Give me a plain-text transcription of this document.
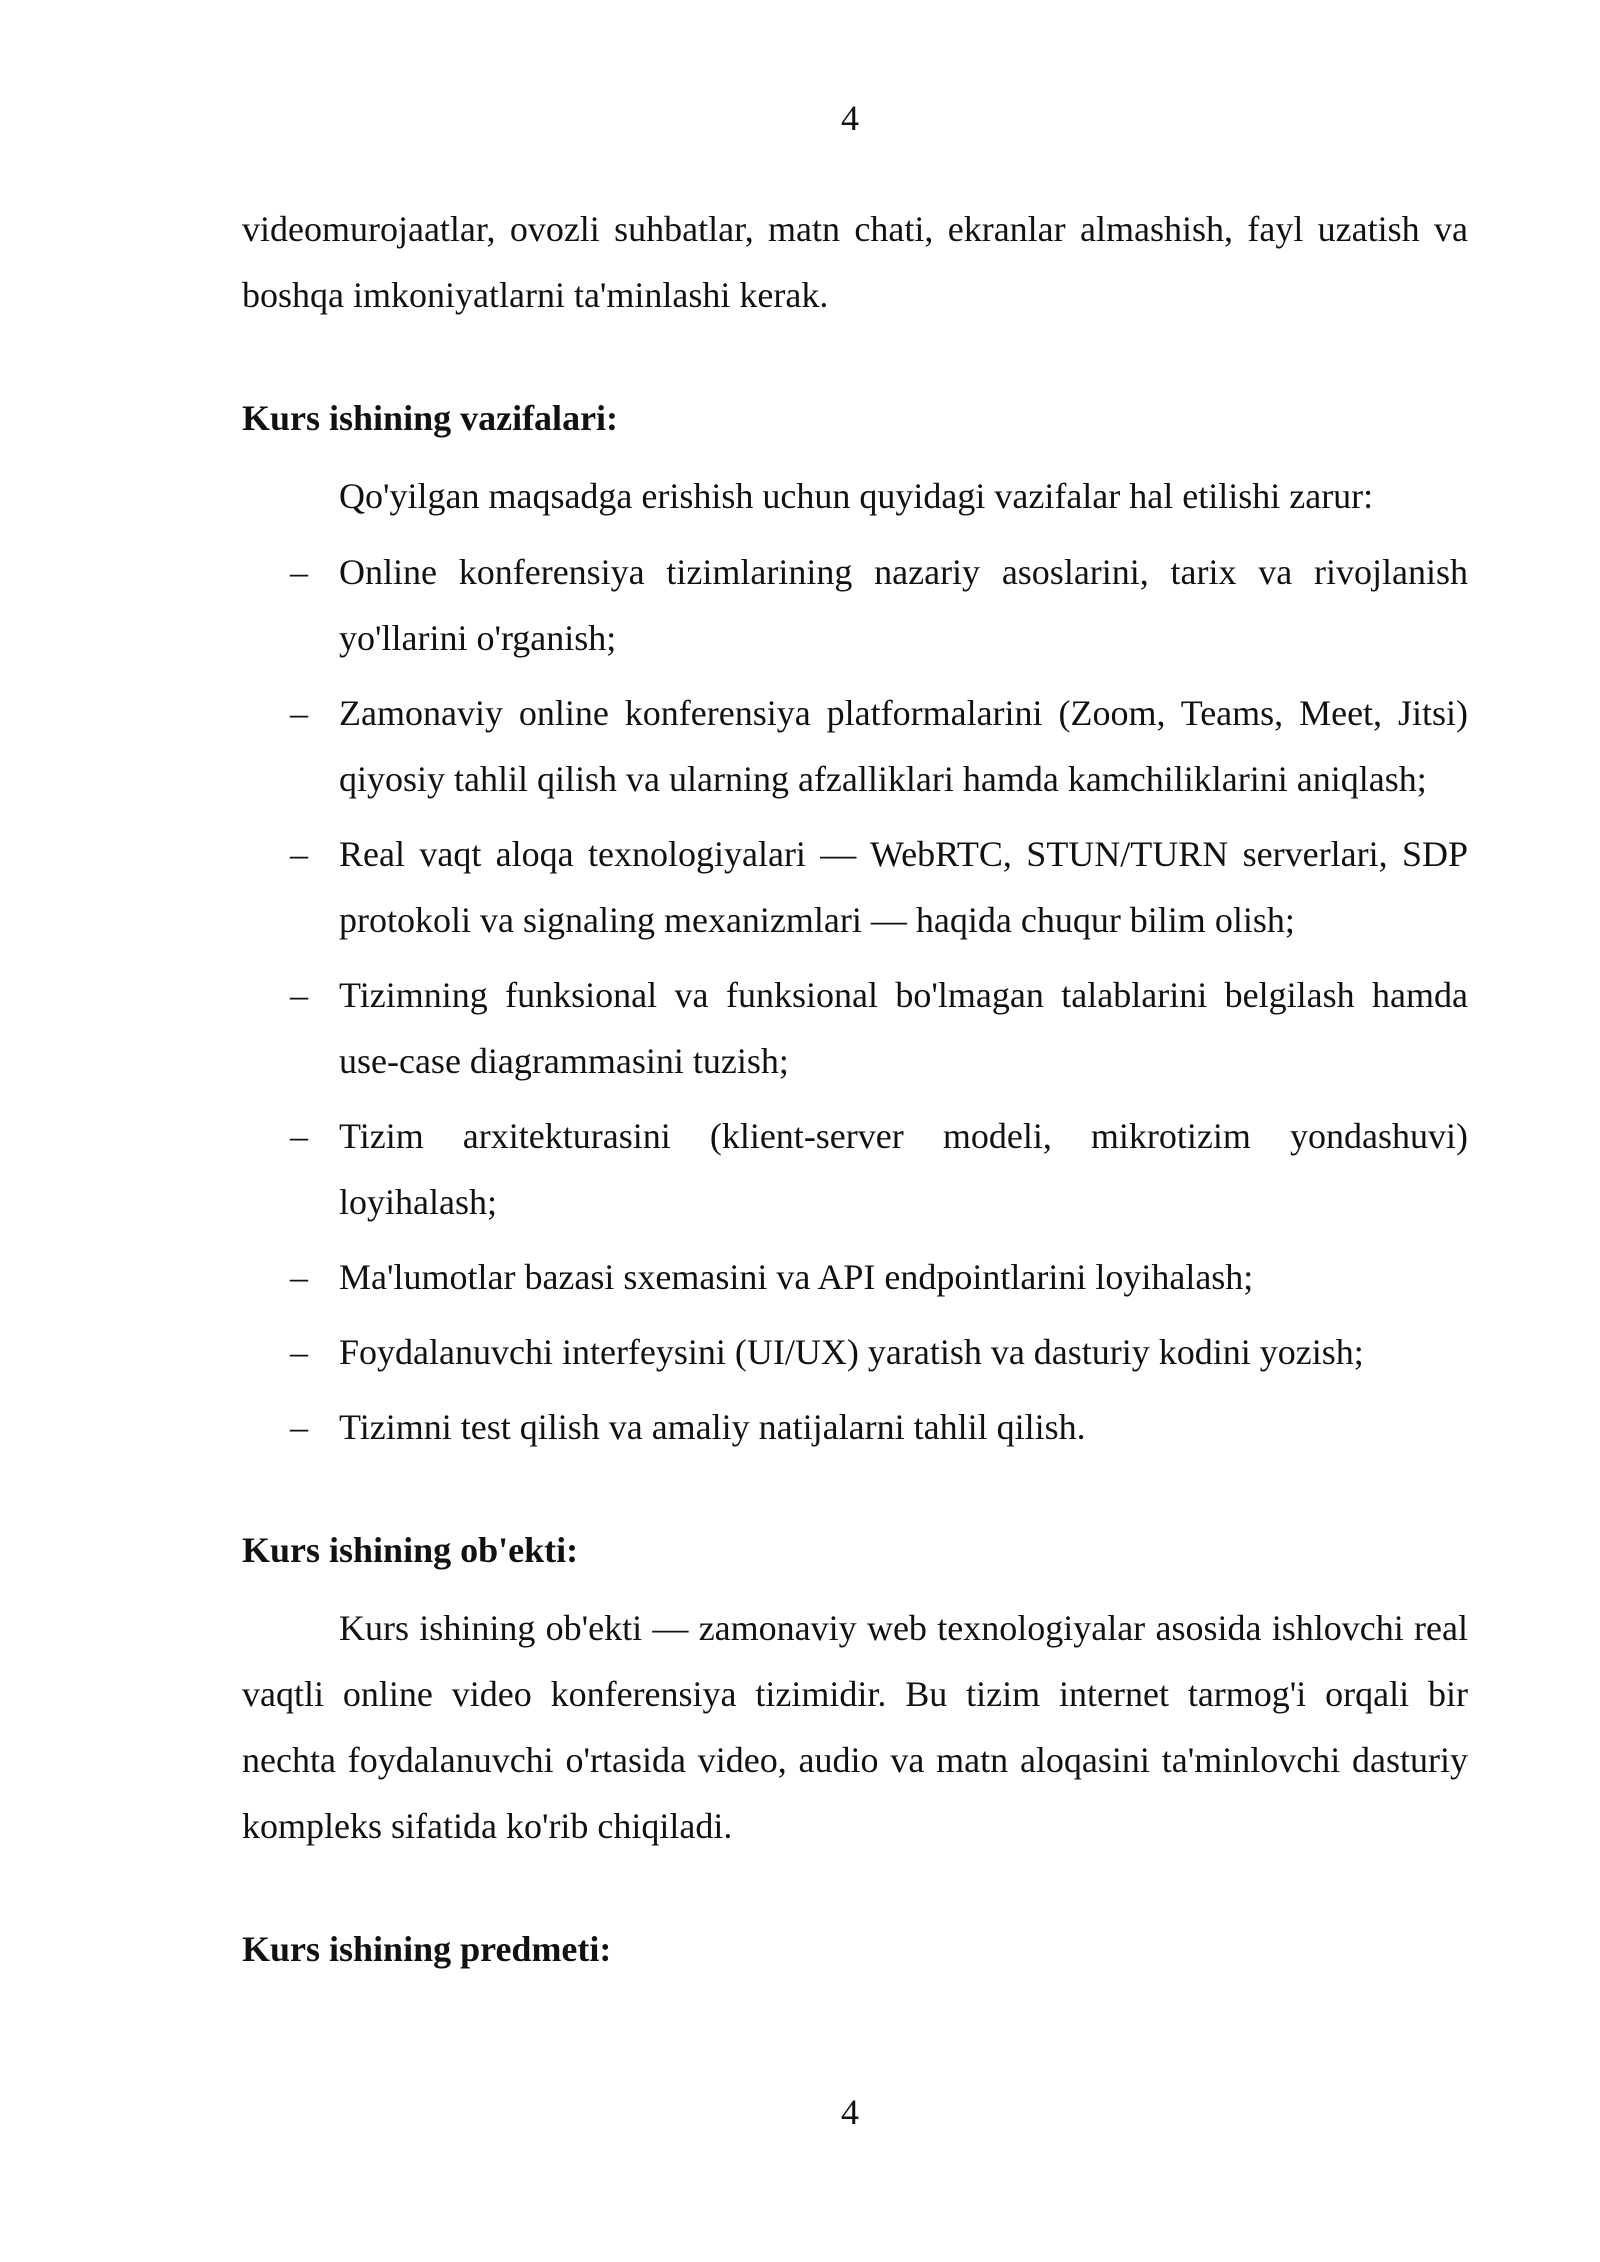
4

videomurojaatlar, ovozli suhbatlar, matn chati, ekranlar almashish, fayl uzatish va boshqa imkoniyatlarni ta'minlashi kerak.

Kurs ishining vazifalari:

Qo'yilgan maqsadga erishish uchun quyidagi vazifalar hal etilishi zarur:

– Online konferensiya tizimlarining nazariy asoslarini, tarix va rivojlanish yo'llarini o'rganish;
– Zamonaviy online konferensiya platformalarini (Zoom, Teams, Meet, Jitsi) qiyosiy tahlil qilish va ularning afzalliklari hamda kamchiliklarini aniqlash;
– Real vaqt aloqa texnologiyalari — WebRTC, STUN/TURN serverlari, SDP protokoli va signaling mexanizmlari — haqida chuqur bilim olish;
– Tizimning funksional va funksional bo'lmagan talablarini belgilash hamda use-case diagrammasini tuzish;
– Tizim arxitekturasini (klient-server modeli, mikrotizim yondashuvi) loyihalash;
– Ma'lumotlar bazasi sxemasini va API endpointlarini loyihalash;
– Foydalanuvchi interfeysini (UI/UX) yaratish va dasturiy kodini yozish;
– Tizimni test qilish va amaliy natijalarni tahlil qilish.

Kurs ishining ob'ekti:

Kurs ishining ob'ekti — zamonaviy web texnologiyalar asosida ishlovchi real vaqtli online video konferensiya tizimidir. Bu tizim internet tarmog'i orqali bir nechta foydalanuvchi o'rtasida video, audio va matn aloqasini ta'minlovchi dasturiy kompleks sifatida ko'rib chiqiladi.

Kurs ishining predmeti:

4
